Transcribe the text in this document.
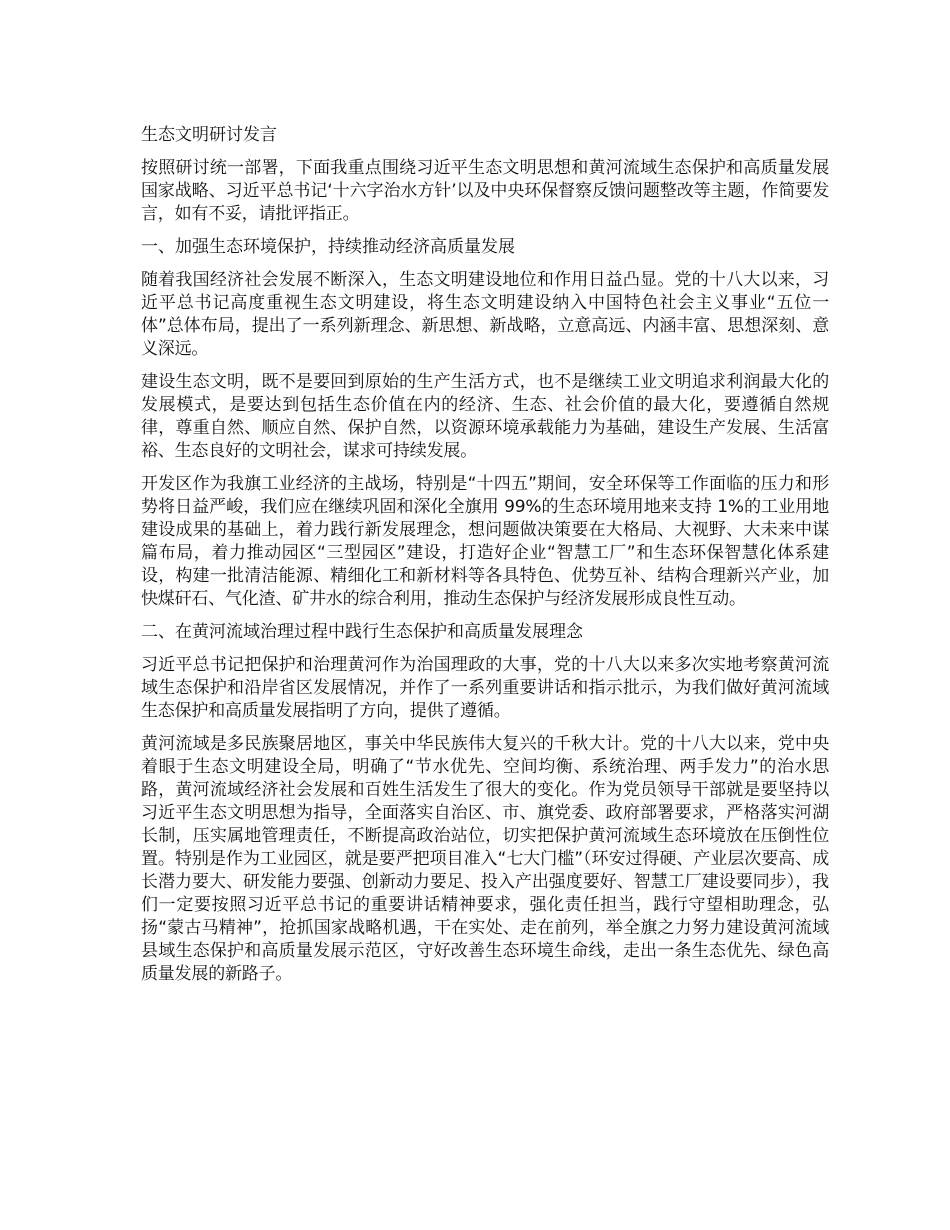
生态文明研讨发言

按照研讨统一部署，下面我重点围绕习近平生态文明思想和黄河流域生态保护和高质量发展国家战略、习近平总书记‘十六字治水方针’以及中央环保督察反馈问题整改等主题，作简要发言，如有不妥，请批评指正。

一、加强生态环境保护，持续推动经济高质量发展

随着我国经济社会发展不断深入，生态文明建设地位和作用日益凸显。党的十八大以来，习近平总书记高度重视生态文明建设，将生态文明建设纳入中国特色社会主义事业“五位一体”总体布局，提出了一系列新理念、新思想、新战略，立意高远、内涵丰富、思想深刻、意义深远。

建设生态文明，既不是要回到原始的生产生活方式，也不是继续工业文明追求利润最大化的发展模式，是要达到包括生态价值在内的经济、生态、社会价值的最大化，要遵循自然规律，尊重自然、顺应自然、保护自然，以资源环境承载能力为基础，建设生产发展、生活富裕、生态良好的文明社会，谋求可持续发展。

开发区作为我旗工业经济的主战场，特别是“十四五”期间，安全环保等工作面临的压力和形势将日益严峻，我们应在继续巩固和深化全旗用 99%的生态环境用地来支持 1%的工业用地建设成果的基础上，着力践行新发展理念，想问题做决策要在大格局、大视野、大未来中谋篇布局，着力推动园区“三型园区”建设，打造好企业“智慧工厂”和生态环保智慧化体系建设，构建一批清洁能源、精细化工和新材料等各具特色、优势互补、结构合理新兴产业，加快煤矸石、气化渣、矿井水的综合利用，推动生态保护与经济发展形成良性互动。

二、在黄河流域治理过程中践行生态保护和高质量发展理念

习近平总书记把保护和治理黄河作为治国理政的大事，党的十八大以来多次实地考察黄河流域生态保护和沿岸省区发展情况，并作了一系列重要讲话和指示批示，为我们做好黄河流域生态保护和高质量发展指明了方向，提供了遵循。

黄河流域是多民族聚居地区，事关中华民族伟大复兴的千秋大计。党的十八大以来，党中央着眼于生态文明建设全局，明确了“节水优先、空间均衡、系统治理、两手发力”的治水思路，黄河流域经济社会发展和百姓生活发生了很大的变化。作为党员领导干部就是要坚持以习近平生态文明思想为指导，全面落实自治区、市、旗党委、政府部署要求，严格落实河湖长制，压实属地管理责任，不断提高政治站位，切实把保护黄河流域生态环境放在压倒性位置。特别是作为工业园区，就是要严把项目准入“七大门槛”（环安过得硬、产业层次要高、成长潜力要大、研发能力要强、创新动力要足、投入产出强度要好、智慧工厂建设要同步），我们一定要按照习近平总书记的重要讲话精神要求，强化责任担当，践行守望相助理念，弘扬“蒙古马精神”，抢抓国家战略机遇，干在实处、走在前列，举全旗之力努力建设黄河流域县域生态保护和高质量发展示范区，守好改善生态环境生命线，走出一条生态优先、绿色高质量发展的新路子。
